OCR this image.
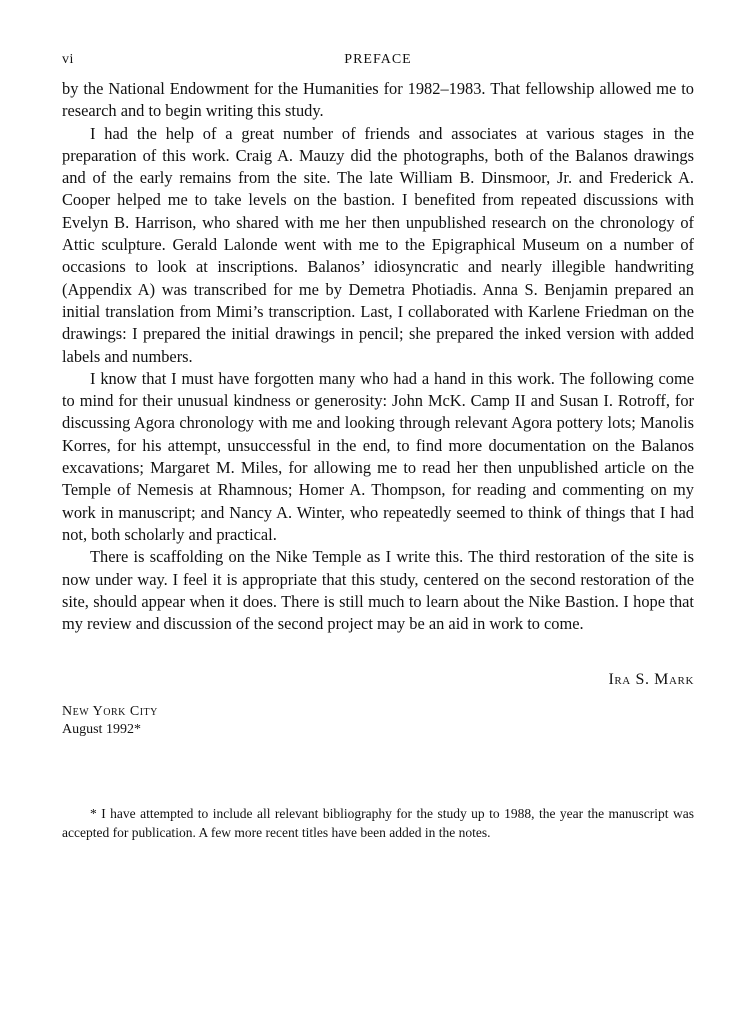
vi	PREFACE

by the National Endowment for the Humanities for 1982–1983. That fellowship allowed me to research and to begin writing this study.

I had the help of a great number of friends and associates at various stages in the preparation of this work. Craig A. Mauzy did the photographs, both of the Balanos drawings and of the early remains from the site. The late William B. Dinsmoor, Jr. and Frederick A. Cooper helped me to take levels on the bastion. I benefited from repeated discussions with Evelyn B. Harrison, who shared with me her then unpublished research on the chronology of Attic sculpture. Gerald Lalonde went with me to the Epigraphical Museum on a number of occasions to look at inscriptions. Balanos’ idiosyncratic and nearly illegible handwriting (Appendix A) was transcribed for me by Demetra Photiadis. Anna S. Benjamin prepared an initial translation from Mimi’s transcription. Last, I collaborated with Karlene Friedman on the drawings: I prepared the initial drawings in pencil; she prepared the inked version with added labels and numbers.

I know that I must have forgotten many who had a hand in this work. The following come to mind for their unusual kindness or generosity: John McK. Camp II and Susan I. Rotroff, for discussing Agora chronology with me and looking through relevant Agora pottery lots; Manolis Korres, for his attempt, unsuccessful in the end, to find more documentation on the Balanos excavations; Margaret M. Miles, for allowing me to read her then unpublished article on the Temple of Nemesis at Rhamnous; Homer A. Thompson, for reading and commenting on my work in manuscript; and Nancy A. Winter, who repeatedly seemed to think of things that I had not, both scholarly and practical.

There is scaffolding on the Nike Temple as I write this. The third restoration of the site is now under way. I feel it is appropriate that this study, centered on the second restoration of the site, should appear when it does. There is still much to learn about the Nike Bastion. I hope that my review and discussion of the second project may be an aid in work to come.

Ira S. Mark
New York City
August 1992*
* I have attempted to include all relevant bibliography for the study up to 1988, the year the manuscript was accepted for publication. A few more recent titles have been added in the notes.
